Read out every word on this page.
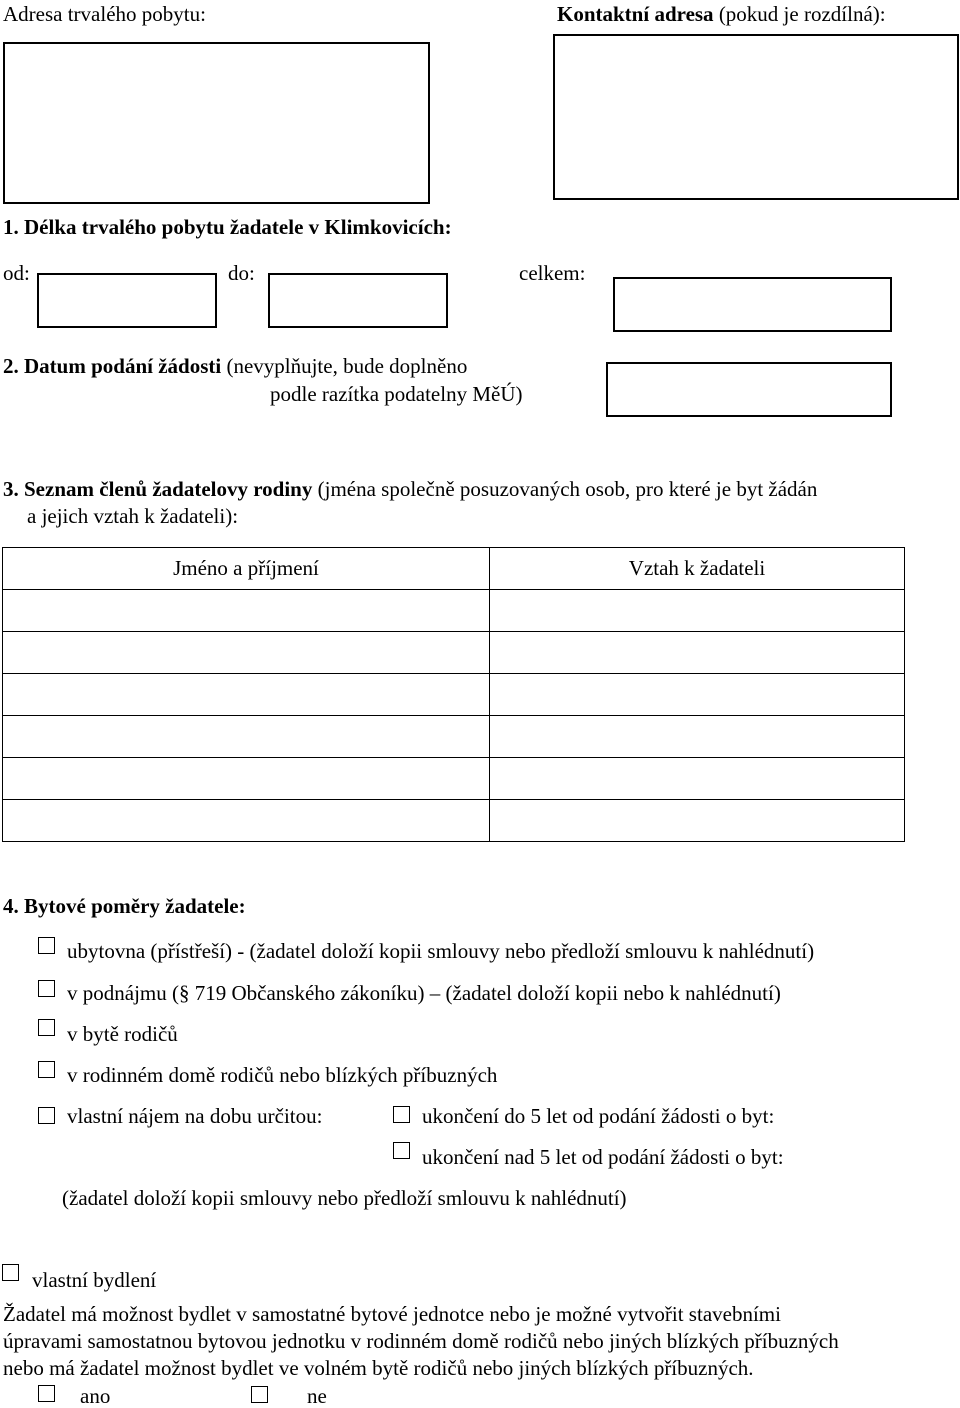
Adresa trvalého pobytu:	Kontaktní adresa (pokud je rozdílná):
1. Délka trvalého pobytu žadatele v Klimkovicích:
od:	do:	celkem:
2. Datum podání žádosti (nevyplňujte, bude doplněno
podle razítka podatelny MěÚ)
3. Seznam členů žadatelovy rodiny (jména společně posuzovaných osob, pro které je byt žádán
a jejich vztah k žadateli):
Jméno a příjmení	Vztah k žadateli

4. Bytové poměry žadatele:
ubytovna (přístřeší) - (žadatel doloží kopii smlouvy nebo předloží smlouvu k nahlédnutí)
v podnájmu (§ 719 Občanského zákoníku) – (žadatel doloží kopii nebo k nahlédnutí)
v bytě rodičů
v rodinném domě rodičů nebo blízkých příbuzných
vlastní nájem na dobu určitou:	ukončení do 5 let od podání žádosti o byt:
ukončení nad 5 let od podání žádosti o byt:
(žadatel doloží kopii smlouvy nebo předloží smlouvu k nahlédnutí)
vlastní bydlení
Žadatel má možnost bydlet v samostatné bytové jednotce nebo je možné vytvořit stavebními
úpravami samostatnou bytovou jednotku v rodinném domě rodičů nebo jiných blízkých příbuzných
nebo má žadatel možnost bydlet ve volném bytě rodičů nebo jiných blízkých příbuzných.
ano	ne
